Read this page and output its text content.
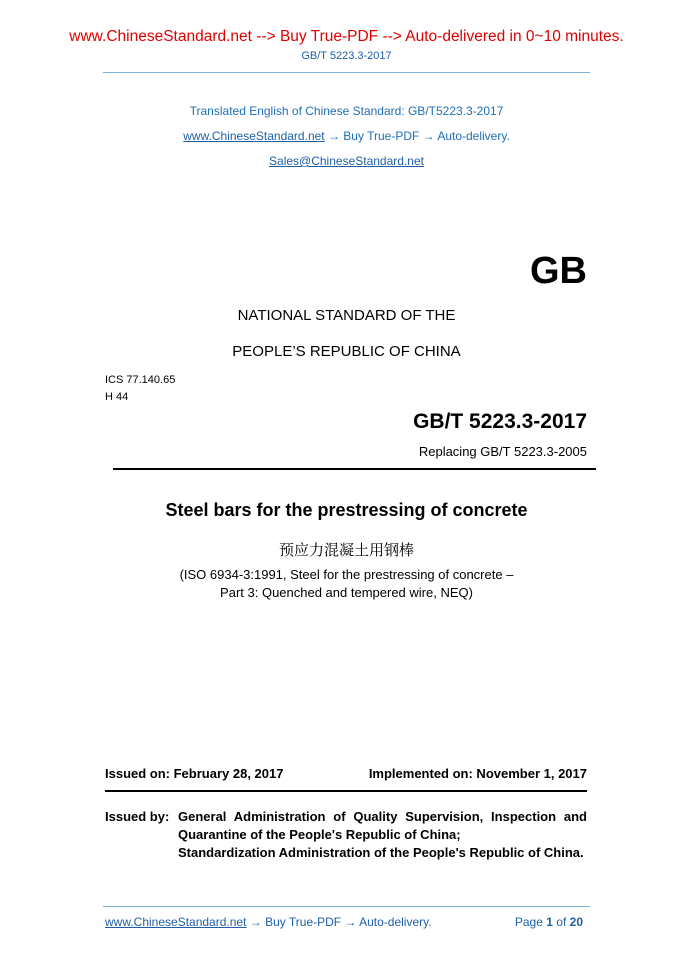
www.ChineseStandard.net --> Buy True-PDF --> Auto-delivered in 0~10 minutes.
GB/T 5223.3-2017
Translated English of Chinese Standard: GB/T5223.3-2017
www.ChineseStandard.net → Buy True-PDF → Auto-delivery.
Sales@ChineseStandard.net
GB
NATIONAL STANDARD OF THE
PEOPLE’S REPUBLIC OF CHINA
ICS 77.140.65
H 44
GB/T 5223.3-2017
Replacing GB/T 5223.3-2005
Steel bars for the prestressing of concrete
预应力混凝土用钢棒
(ISO 6934-3:1991, Steel for the prestressing of concrete –
Part 3: Quenched and tempered wire, NEQ)
Issued on: February 28, 2017	Implemented on: November 1, 2017
Issued by: General Administration of Quality Supervision, Inspection and Quarantine of the People's Republic of China;
Standardization Administration of the People's Republic of China.
www.ChineseStandard.net → Buy True-PDF → Auto-delivery.	Page 1 of 20
